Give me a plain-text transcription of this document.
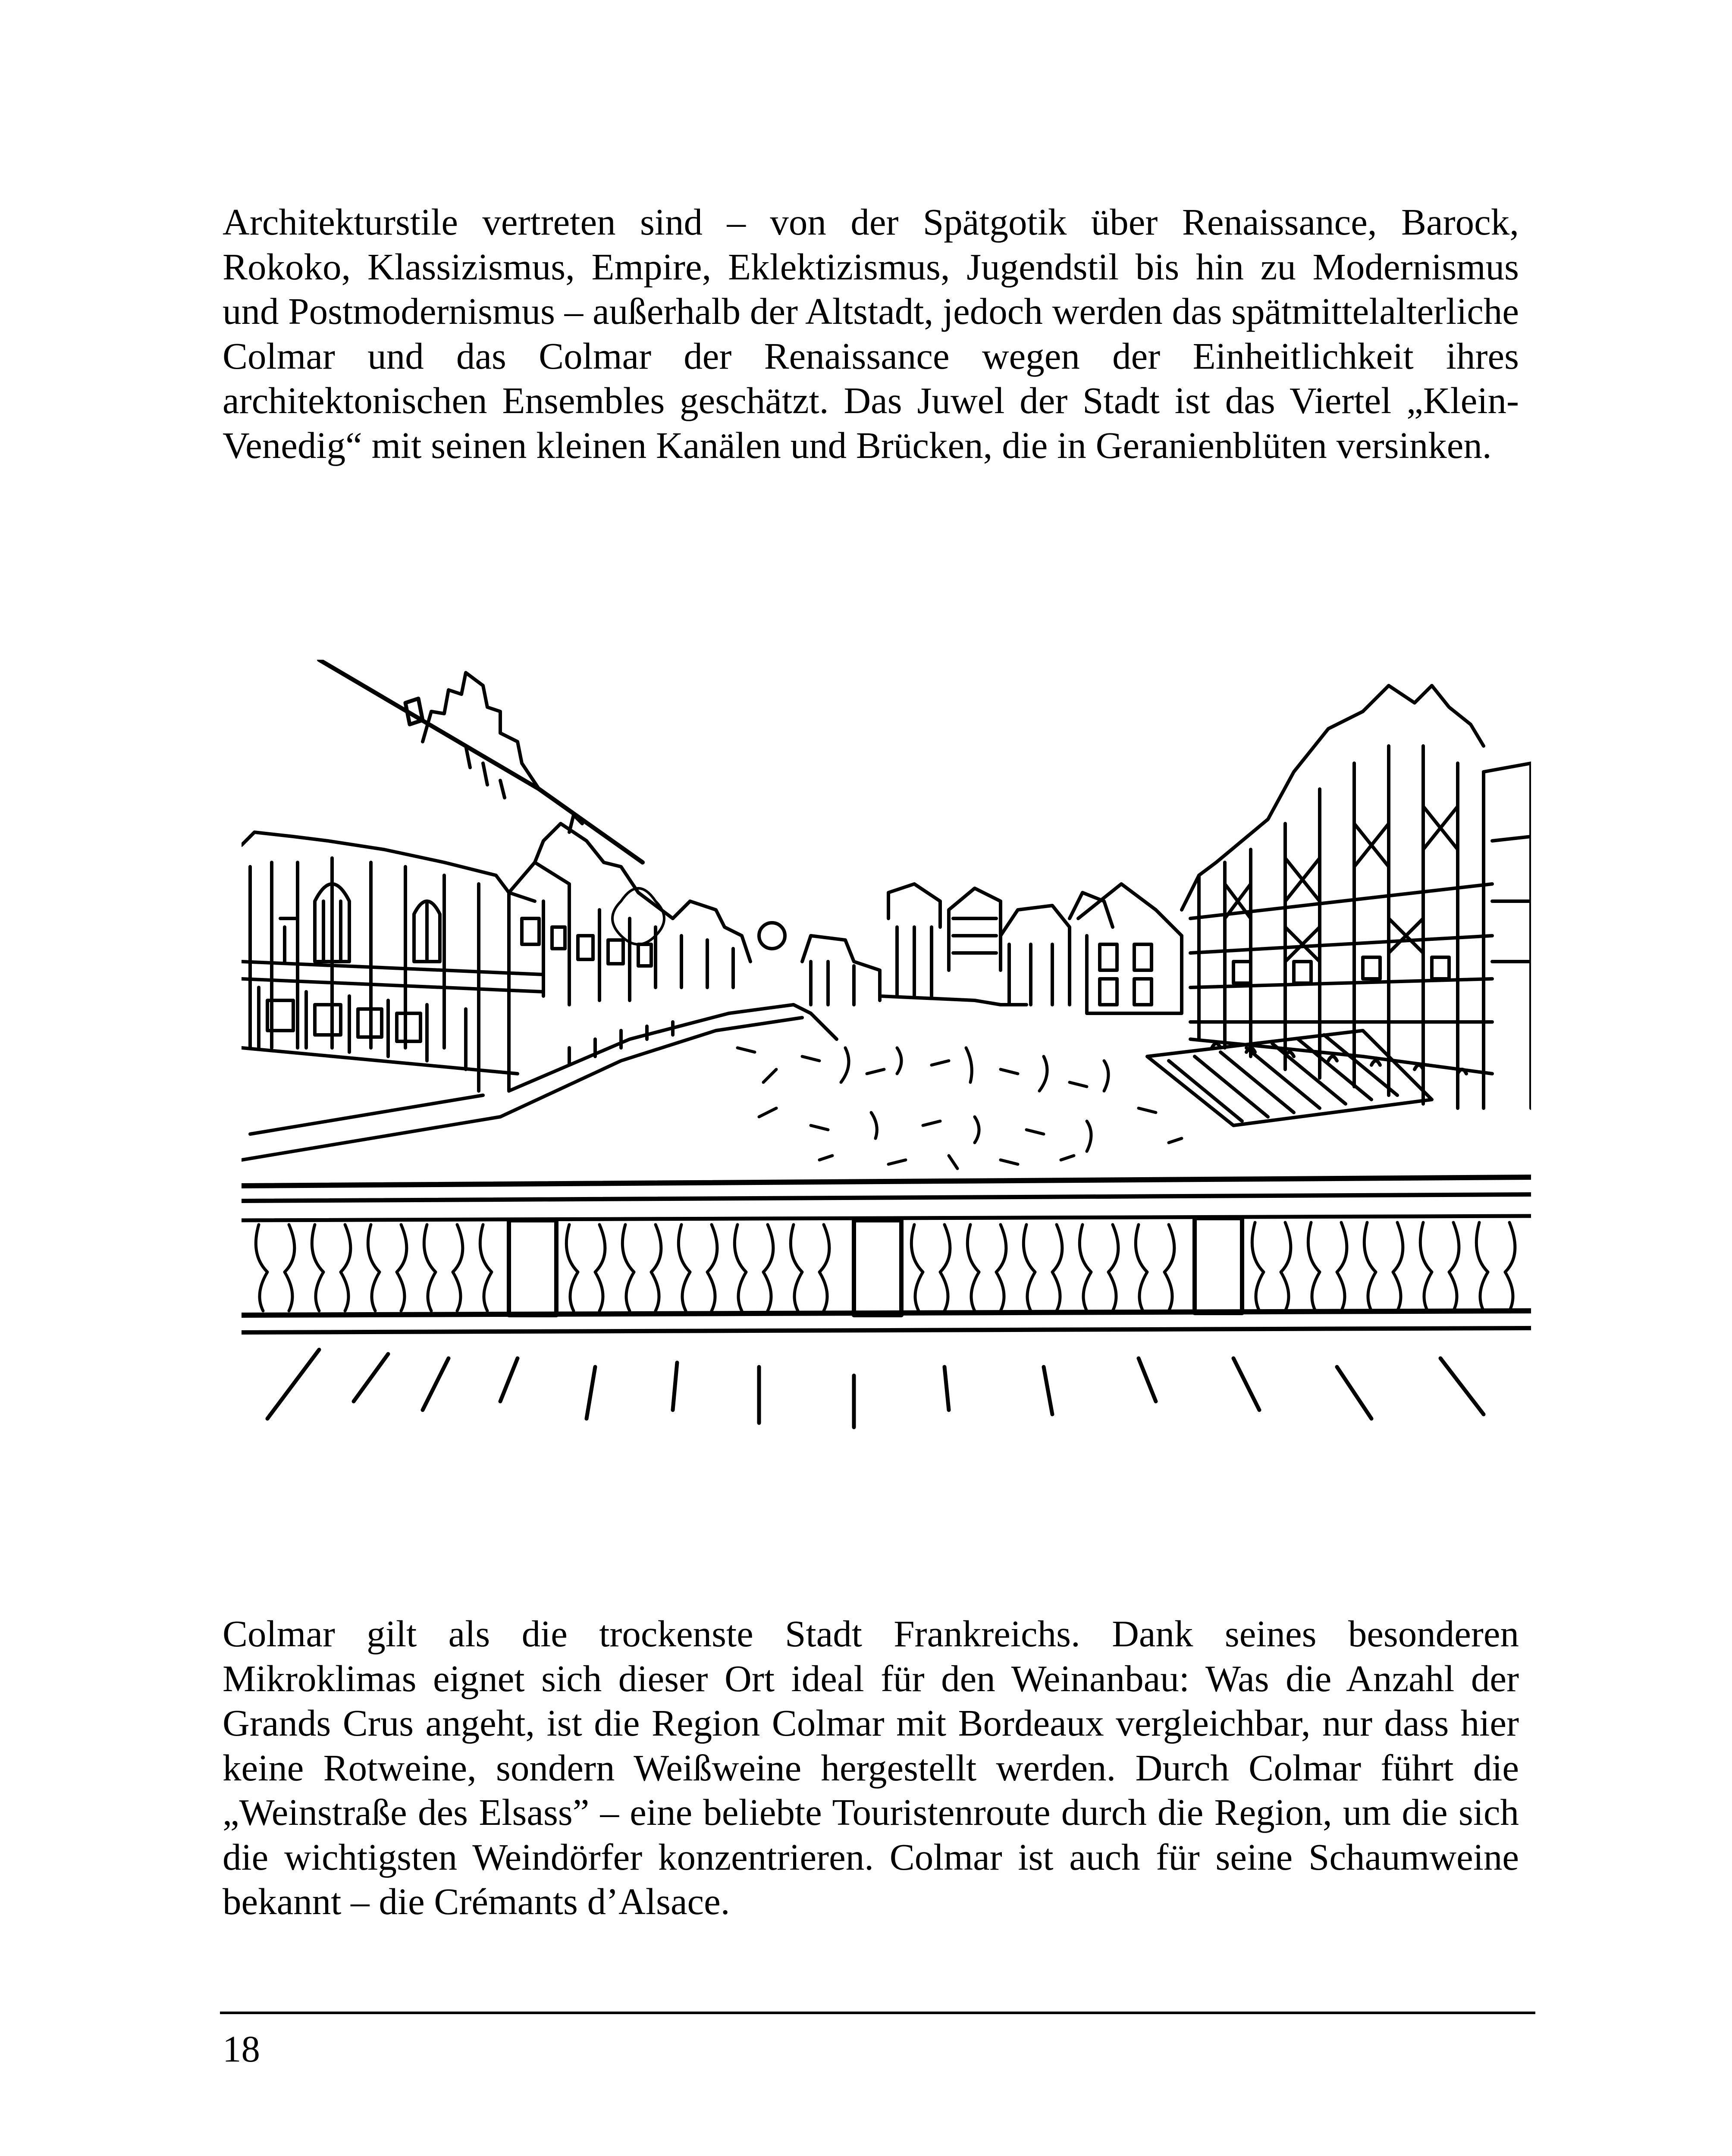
Architekturstile vertreten sind – von der Spätgotik über Renaissance, Barock, Rokoko, Klassizismus, Empire, Eklektizismus, Jugendstil bis hin zu Modernismus und Postmodernismus – außerhalb der Altstadt, jedoch werden das spätmittelalterliche Colmar und das Colmar der Renaissance wegen der Einheitlichkeit ihres architektonischen Ensembles geschätzt. Das Juwel der Stadt ist das Viertel „Klein-Venedig“ mit seinen kleinen Kanälen und Brücken, die in Geranienblüten versinken.

Colmar gilt als die trockenste Stadt Frankreichs. Dank seines besonderen Mikroklimas eignet sich dieser Ort ideal für den Weinanbau: Was die Anzahl der Grands Crus angeht, ist die Region Colmar mit Bordeaux vergleichbar, nur dass hier keine Rotweine, sondern Weißweine hergestellt werden. Durch Colmar führt die „Weinstraße des Elsass” – eine beliebte Touristenroute durch die Region, um die sich die wichtigsten Weindörfer konzentrieren. Colmar ist auch für seine Schaumweine bekannt – die Crémants d’Alsace.

18
